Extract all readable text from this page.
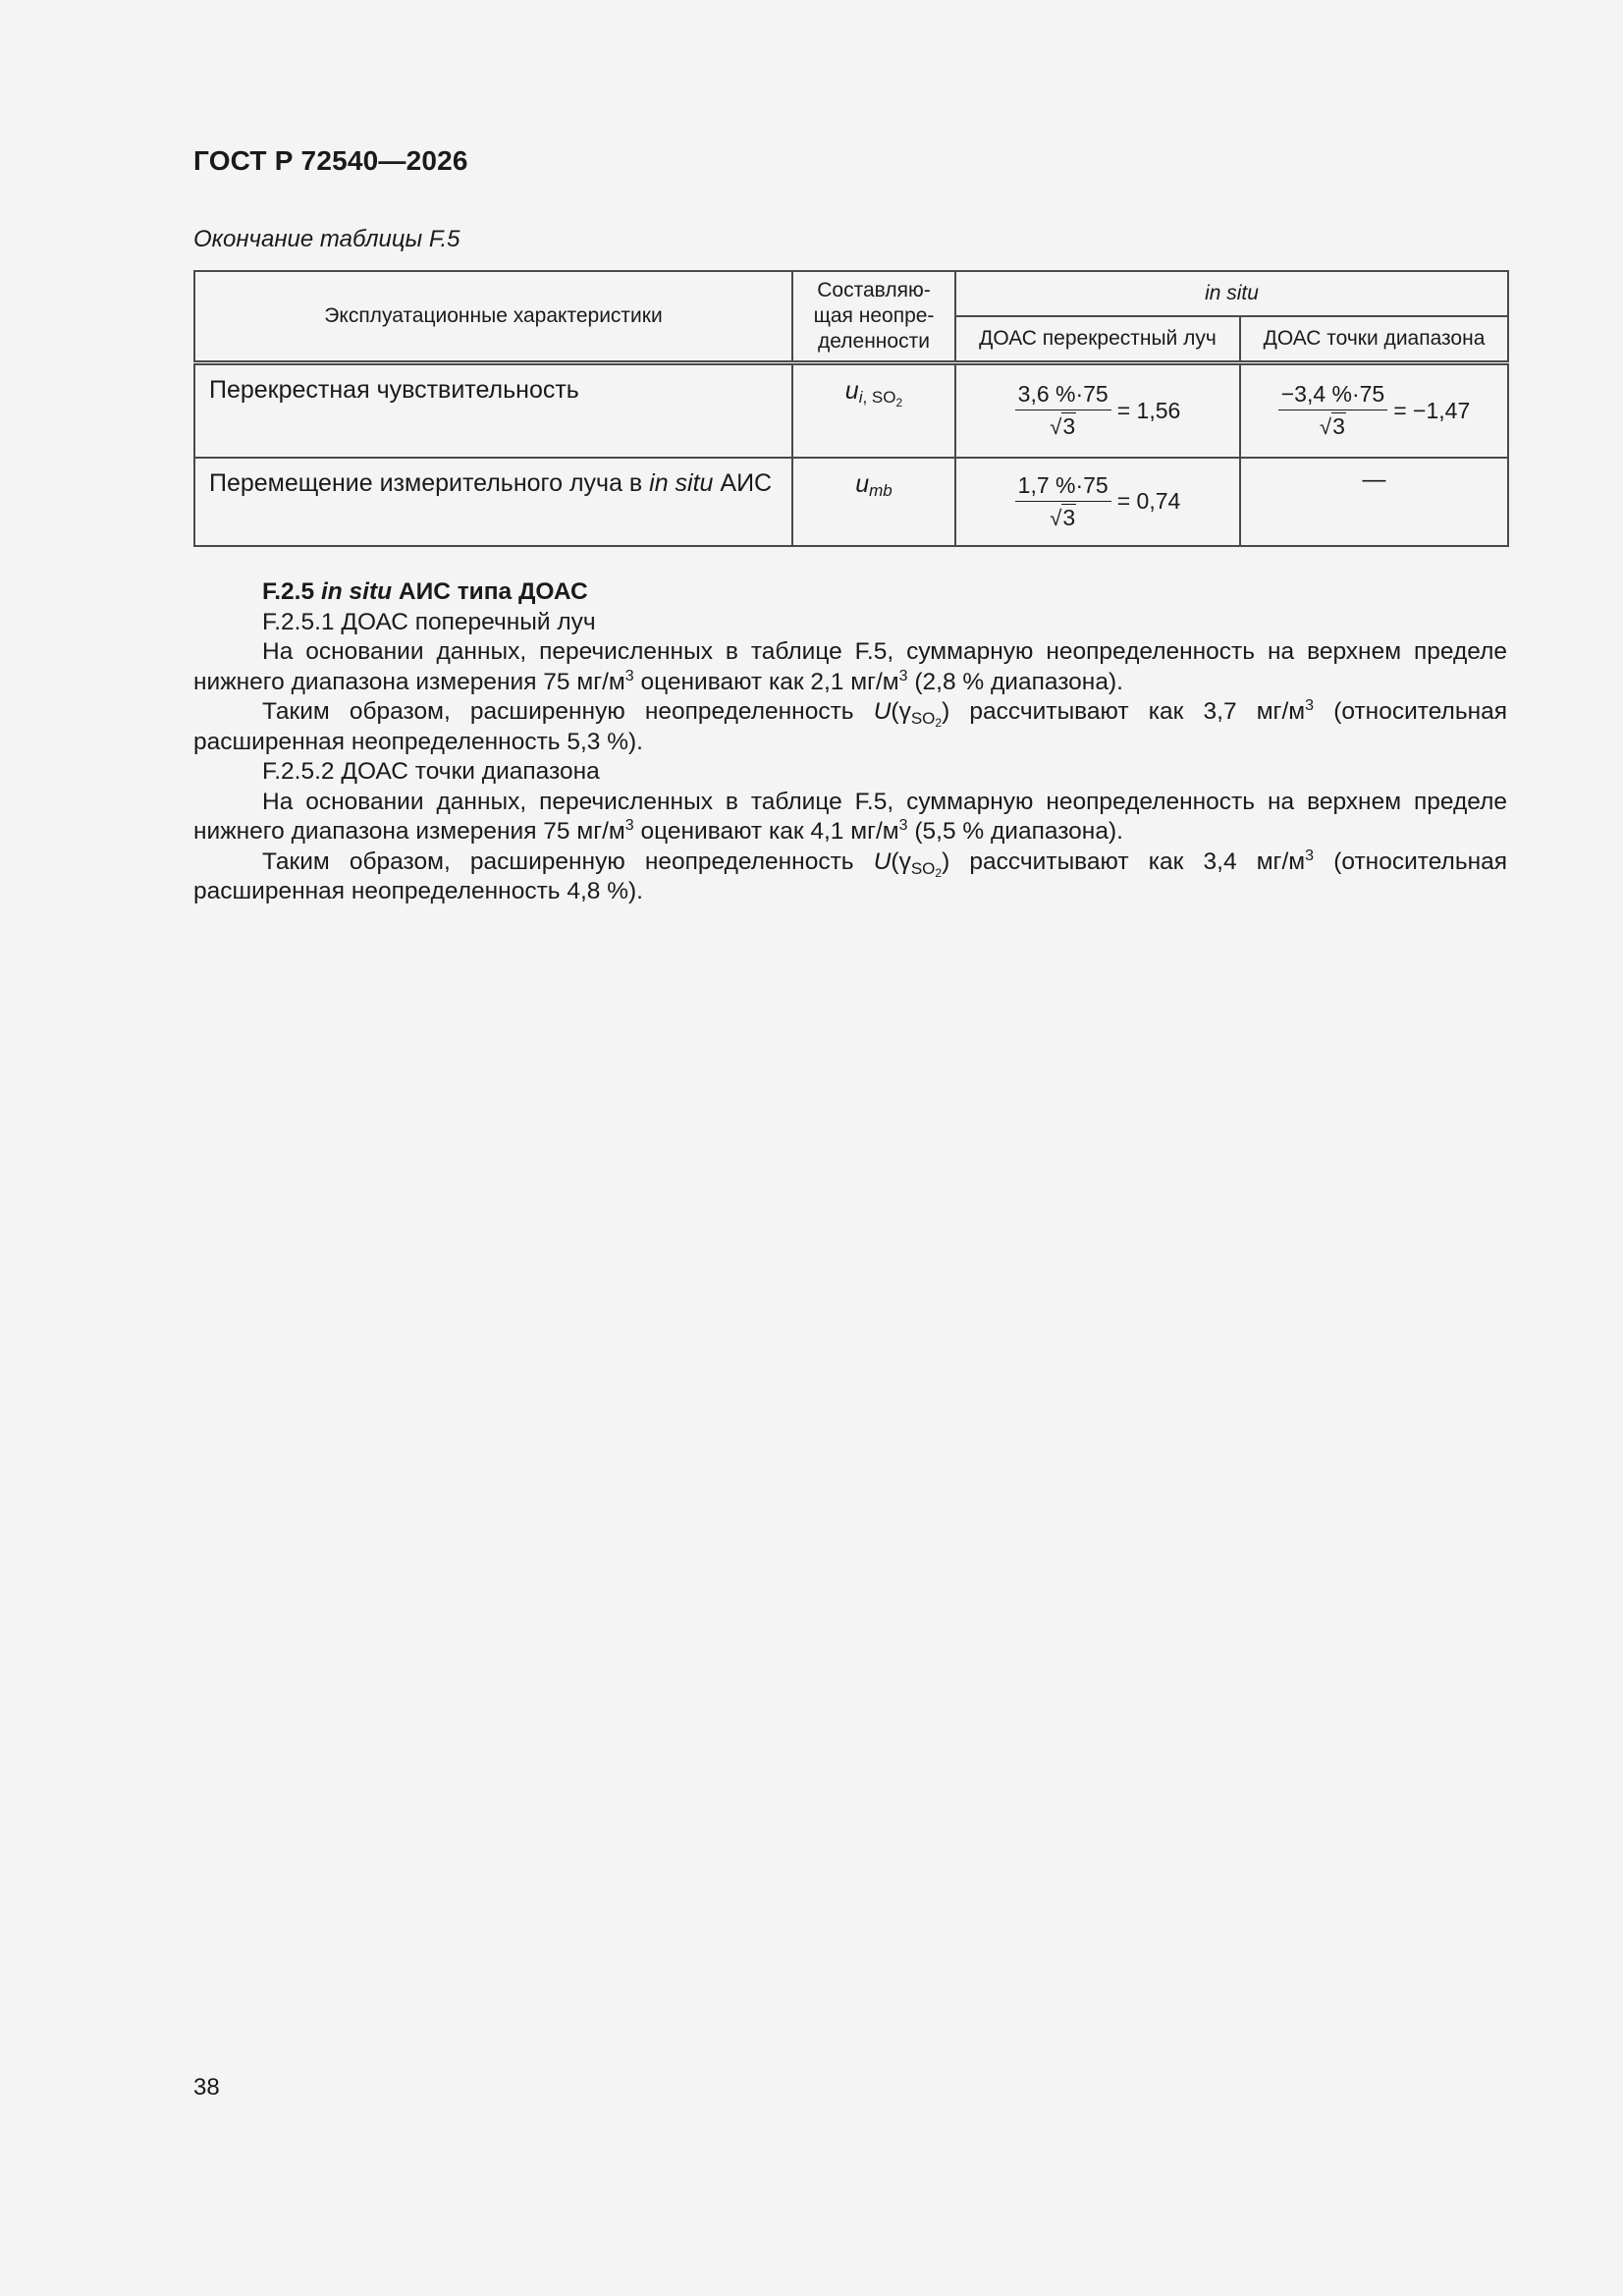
ГОСТ Р 72540—2026
Окончание таблицы F.5
Эксплуатационные характеристики	Составляю-щая неопре-деленности	in situ	
		ДОАС перекрестный луч	ДОАС точки диапазона
Перекрестная чувствительность	$u_{i, SO_2}$	$\frac{3,6 \%\cdot 75}{√3} = 1,56$	$\frac{-3,4 \%\cdot 75}{√3} = -1,47$
Перемещение измерительного луча в in situ АИС	$u_{mb}$	$\frac{1,7 \%\cdot 75}{√3} = 0,74$	—

F.2.5 in situ АИС типа ДОАС

F.2.5.1 ДОАС поперечный луч

На основании данных, перечисленных в таблице F.5, суммарную неопределенность на верхнем пределе нижнего диапазона измерения 75 $мг/м^3$ оценивают как 2,1 $мг/м^3$ (2,8 % диапазона).

Таким образом, расширенную неопределенность $U(\gamma_{SO2})$ рассчитывают как 3,7 $мг/м^3$ (относительная расширенная неопределенность 5,3 %).

F.2.5.2 ДОАС точки диапазона

На основании данных, перечисленных в таблице F.5, суммарную неопределенность на верхнем пределе нижнего диапазона измерения 75 $мг/м^3$ оценивают как 4,1 $мг/м^3$ (5,5 % диапазона).

Таким образом, расширенную неопределенность $U(\gamma_{SO2})$ рассчитывают как 3,4 $мг/м^3$ (относительная расширенная неопределенность 4,8 %).

38
